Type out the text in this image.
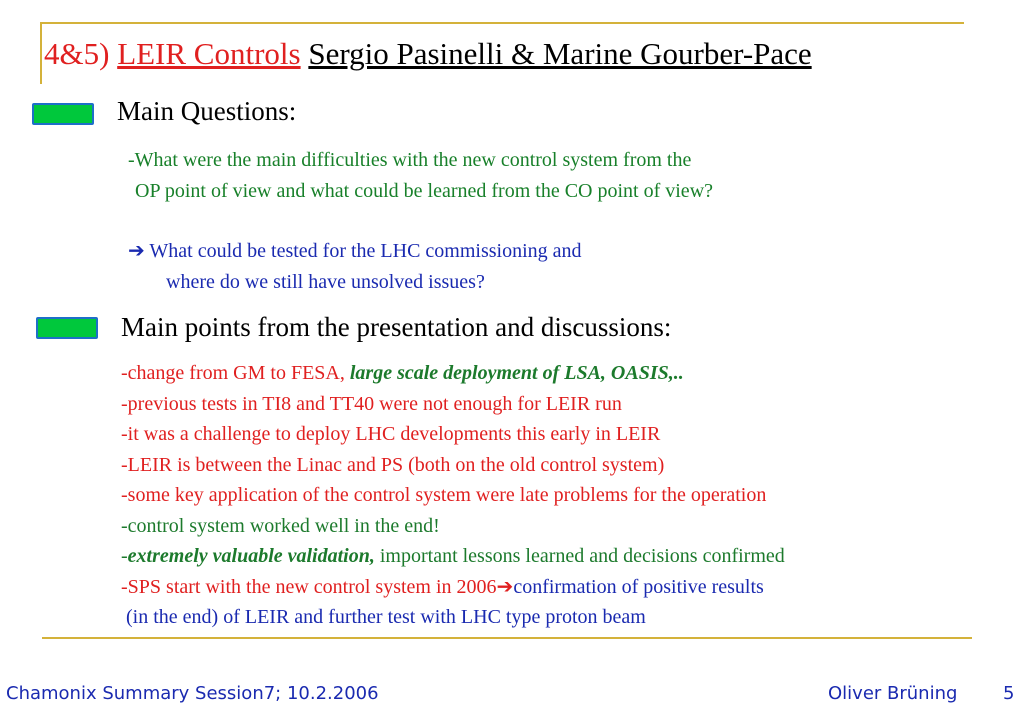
4&5) LEIR Controls Sergio Pasinelli & Marine Gourber-Pace
Main Questions:
-What were the main difficulties with the new control system from the
OP point of view and what could be learned from the CO point of view?
➔ What could be tested for the LHC commissioning and
where do we still have unsolved issues?
Main points from the presentation and discussions:
-change from GM to FESA, large scale deployment of LSA, OASIS,..
-previous tests in TI8 and TT40 were not enough for LEIR run
-it was a challenge to deploy LHC developments this early in LEIR
-LEIR is between the Linac and PS (both on the old control system)
-some key application of the control system were late problems for the operation
-control system worked well in the end!
-extremely valuable validation, important lessons learned and decisions confirmed
-SPS start with the new control system in 2006➔confirmation of positive results
(in the end) of LEIR and further test with LHC type proton beam
Chamonix Summary Session7; 10.2.2006	Oliver Brüning	5
